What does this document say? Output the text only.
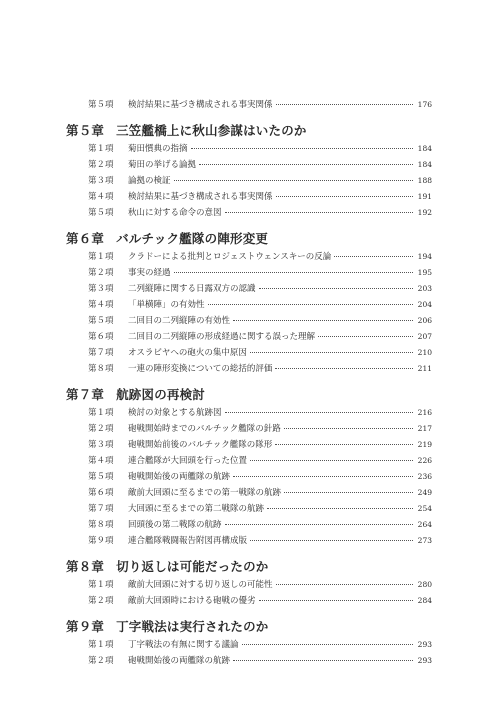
第５項	検討結果に基づき構成される事実関係	176
第５章 三笠艦橋上に秋山参謀はいたのか
第１項	菊田慣典の指摘	184
第２項	菊田の挙げる論拠	184
第３項	論拠の検証	188
第４項	検討結果に基づき構成される事実関係	191
第５項	秋山に対する命令の意図	192
第６章 バルチック艦隊の陣形変更
第１項	クラドーによる批判とロジェストウェンスキーの反論	194
第２項	事実の経過	195
第３項	二列縦陣に関する日露双方の認識	203
第４項	「単横陣」の有効性	204
第５項	二回目の二列縦陣の有効性	206
第６項	二回目の二列縦陣の形成経過に関する誤った理解	207
第７項	オスラビヤへの砲火の集中原因	210
第８項	一連の陣形変換についての総括的評価	211
第７章 航跡図の再検討
第１項	検討の対象とする航跡図	216
第２項	砲戦開始時までのバルチック艦隊の針路	217
第３項	砲戦開始前後のバルチック艦隊の隊形	219
第４項	連合艦隊が大回頭を行った位置	226
第５項	砲戦開始後の両艦隊の航跡	236
第６項	敵前大回頭に至るまでの第一戦隊の航跡	249
第７項	大回頭に至るまでの第二戦隊の航跡	254
第８項	回頭後の第二戦隊の航跡	264
第９項	連合艦隊戦闘報告附図再構成版	273
第８章 切り返しは可能だったのか
第１項	敵前大回頭に対する切り返しの可能性	280
第２項	敵前大回頭時における砲戦の優劣	284
第９章 丁字戦法は実行されたのか
第１項	丁字戦法の有無に関する議論	293
第２項	砲戦開始後の両艦隊の航跡	293
